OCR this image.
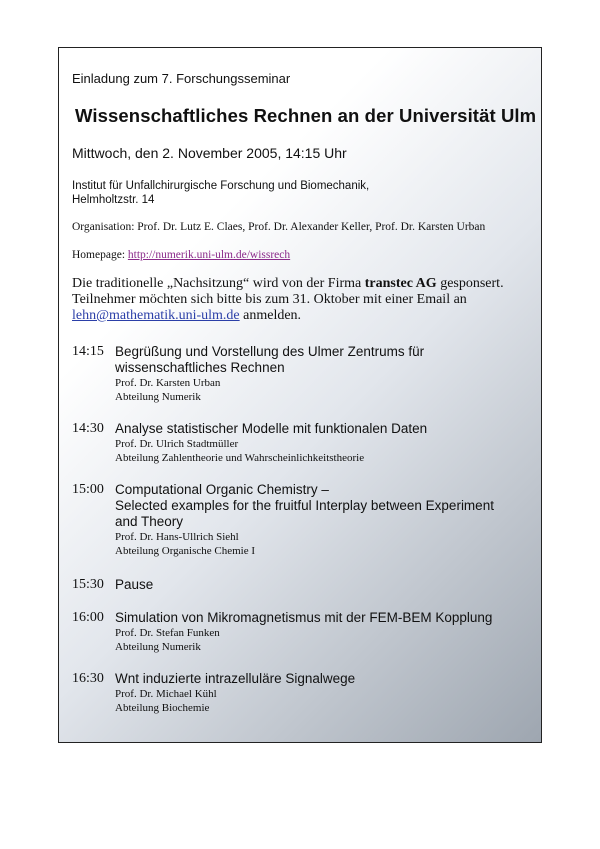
Einladung zum 7. Forschungsseminar
Wissenschaftliches Rechnen an der Universität Ulm
Mittwoch, den 2. November 2005, 14:15 Uhr
Institut für Unfallchirurgische Forschung und Biomechanik,
Helmholtzstr. 14
Organisation: Prof. Dr. Lutz E. Claes, Prof. Dr. Alexander Keller, Prof. Dr. Karsten Urban
Homepage: http://numerik.uni-ulm.de/wissrech
Die traditionelle „Nachsitzung“ wird von der Firma transtec AG gesponsert.
Teilnehmer möchten sich bitte bis zum 31. Oktober mit einer Email an
lehn@mathematik.uni-ulm.de anmelden.
14:15 Begrüßung und Vorstellung des Ulmer Zentrums für
wissenschaftliches Rechnen
Prof. Dr. Karsten Urban
Abteilung Numerik
14:30 Analyse statistischer Modelle mit funktionalen Daten
Prof. Dr. Ulrich Stadtmüller
Abteilung Zahlentheorie und Wahrscheinlichkeitstheorie
15:00 Computational Organic Chemistry –
Selected examples for the fruitful Interplay between Experiment
and Theory
Prof. Dr. Hans-Ullrich Siehl
Abteilung Organische Chemie I
15:30 Pause
16:00 Simulation von Mikromagnetismus mit der FEM-BEM Kopplung
Prof. Dr. Stefan Funken
Abteilung Numerik
16:30 Wnt induzierte intrazelluläre Signalwege
Prof. Dr. Michael Kühl
Abteilung Biochemie
